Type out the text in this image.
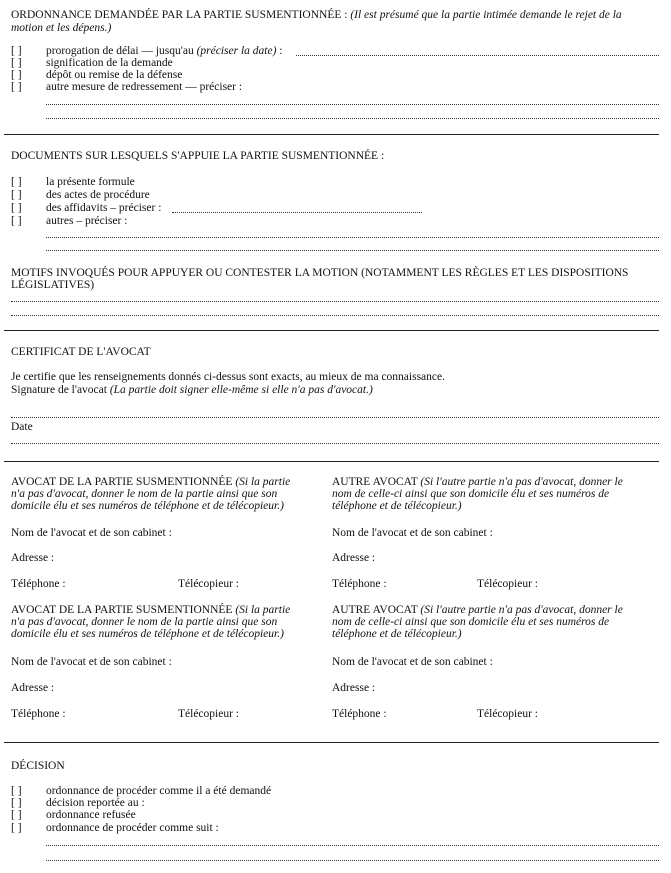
ORDONNANCE DEMANDÉE PAR LA PARTIE SUSMENTIONNÉE : (Il est présumé que la partie intimée demande le rejet de la
motion et les dépens.)
[ ] prorogation de délai — jusqu'au (préciser la date) :
[ ] signification de la demande
[ ] dépôt ou remise de la défense
[ ] autre mesure de redressement — préciser :
DOCUMENTS SUR LESQUELS S'APPUIE LA PARTIE SUSMENTIONNÉE :
[ ] la présente formule
[ ] des actes de procédure
[ ] des affidavits – préciser :
[ ] autres – préciser :
MOTIFS INVOQUÉS POUR APPUYER OU CONTESTER LA MOTION (NOTAMMENT LES RÈGLES ET LES DISPOSITIONS
LÉGISLATIVES)
CERTIFICAT DE L'AVOCAT
Je certifie que les renseignements donnés ci-dessus sont exacts, au mieux de ma connaissance.
Signature de l'avocat (La partie doit signer elle-même si elle n'a pas d'avocat.)
Date
AVOCAT DE LA PARTIE SUSMENTIONNÉE (Si la partie
n'a pas d'avocat, donner le nom de la partie ainsi que son
domicile élu et ses numéros de téléphone et de télécopieur.)
AUTRE AVOCAT (Si l'autre partie n'a pas d'avocat, donner le
nom de celle-ci ainsi que son domicile élu et ses numéros de
téléphone et de télécopieur.)
Nom de l'avocat et de son cabinet :	Nom de l'avocat et de son cabinet :
Adresse :	Adresse :
Téléphone :	Télécopieur :	Téléphone :	Télécopieur :
AVOCAT DE LA PARTIE SUSMENTIONNÉE (Si la partie
n'a pas d'avocat, donner le nom de la partie ainsi que son
domicile élu et ses numéros de téléphone et de télécopieur.)
AUTRE AVOCAT (Si l'autre partie n'a pas d'avocat, donner le
nom de celle-ci ainsi que son domicile élu et ses numéros de
téléphone et de télécopieur.)
Nom de l'avocat et de son cabinet :	Nom de l'avocat et de son cabinet :
Adresse :	Adresse :
Téléphone :	Télécopieur :	Téléphone :	Télécopieur :
DÉCISION
[ ] ordonnance de procéder comme il a été demandé
[ ] décision reportée au :
[ ] ordonnance refusée
[ ] ordonnance de procéder comme suit :
